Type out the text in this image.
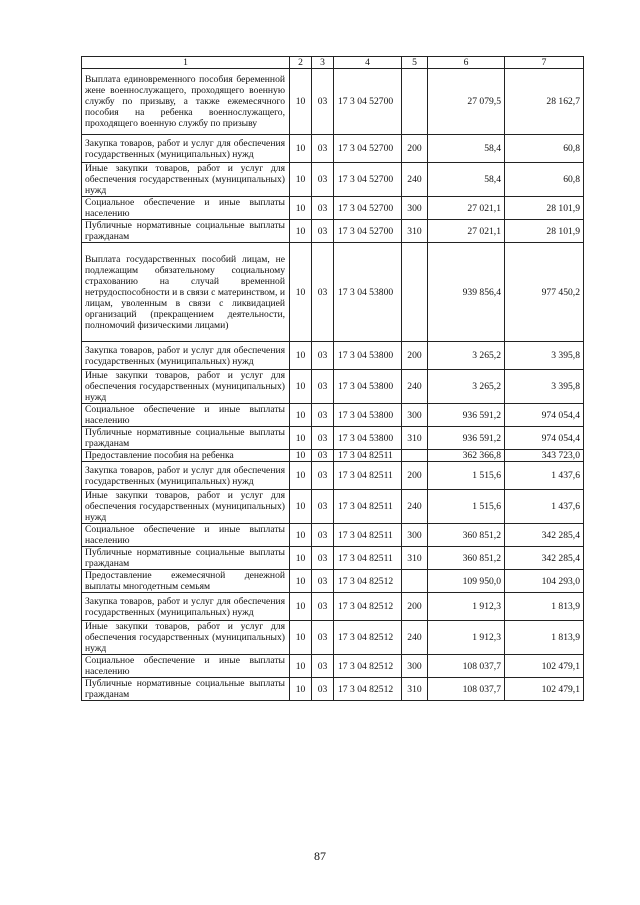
1	2	3	4	5	6	7
Выплата единовременного пособия беременной жене военнослужащего, проходящего военную службу по призыву, а также ежемесячного пособия на ребенка военнослужащего, проходящего военную службу по призыву	10	03	17 3 04 52700		27 079,5	28 162,7
Закупка товаров, работ и услуг для обеспечения государственных (муниципальных) нужд	10	03	17 3 04 52700	200	58,4	60,8
Иные закупки товаров, работ и услуг для обеспечения государственных (муниципальных) нужд	10	03	17 3 04 52700	240	58,4	60,8
Социальное обеспечение и иные выплаты населению	10	03	17 3 04 52700	300	27 021,1	28 101,9
Публичные нормативные социальные выплаты гражданам	10	03	17 3 04 52700	310	27 021,1	28 101,9
Выплата государственных пособий лицам, не подлежащим обязательному социальному страхованию на случай временной нетрудоспособности и в связи с материнством, и лицам, уволенным в связи с ликвидацией организаций (прекращением деятельности, полномочий физическими лицами)	10	03	17 3 04 53800		939 856,4	977 450,2
Закупка товаров, работ и услуг для обеспечения государственных (муниципальных) нужд	10	03	17 3 04 53800	200	3 265,2	3 395,8
Иные закупки товаров, работ и услуг для обеспечения государственных (муниципальных) нужд	10	03	17 3 04 53800	240	3 265,2	3 395,8
Социальное обеспечение и иные выплаты населению	10	03	17 3 04 53800	300	936 591,2	974 054,4
Публичные нормативные социальные выплаты гражданам	10	03	17 3 04 53800	310	936 591,2	974 054,4
Предоставление пособия на ребенка	10	03	17 3 04 82511		362 366,8	343 723,0
Закупка товаров, работ и услуг для обеспечения государственных (муниципальных) нужд	10	03	17 3 04 82511	200	1 515,6	1 437,6
Иные закупки товаров, работ и услуг для обеспечения государственных (муниципальных) нужд	10	03	17 3 04 82511	240	1 515,6	1 437,6
Социальное обеспечение и иные выплаты населению	10	03	17 3 04 82511	300	360 851,2	342 285,4
Публичные нормативные социальные выплаты гражданам	10	03	17 3 04 82511	310	360 851,2	342 285,4
Предоставление ежемесячной денежной выплаты многодетным семьям	10	03	17 3 04 82512		109 950,0	104 293,0
Закупка товаров, работ и услуг для обеспечения государственных (муниципальных) нужд	10	03	17 3 04 82512	200	1 912,3	1 813,9
Иные закупки товаров, работ и услуг для обеспечения государственных (муниципальных) нужд	10	03	17 3 04 82512	240	1 912,3	1 813,9
Социальное обеспечение и иные выплаты населению	10	03	17 3 04 82512	300	108 037,7	102 479,1
Публичные нормативные социальные выплаты гражданам	10	03	17 3 04 82512	310	108 037,7	102 479,1
87
